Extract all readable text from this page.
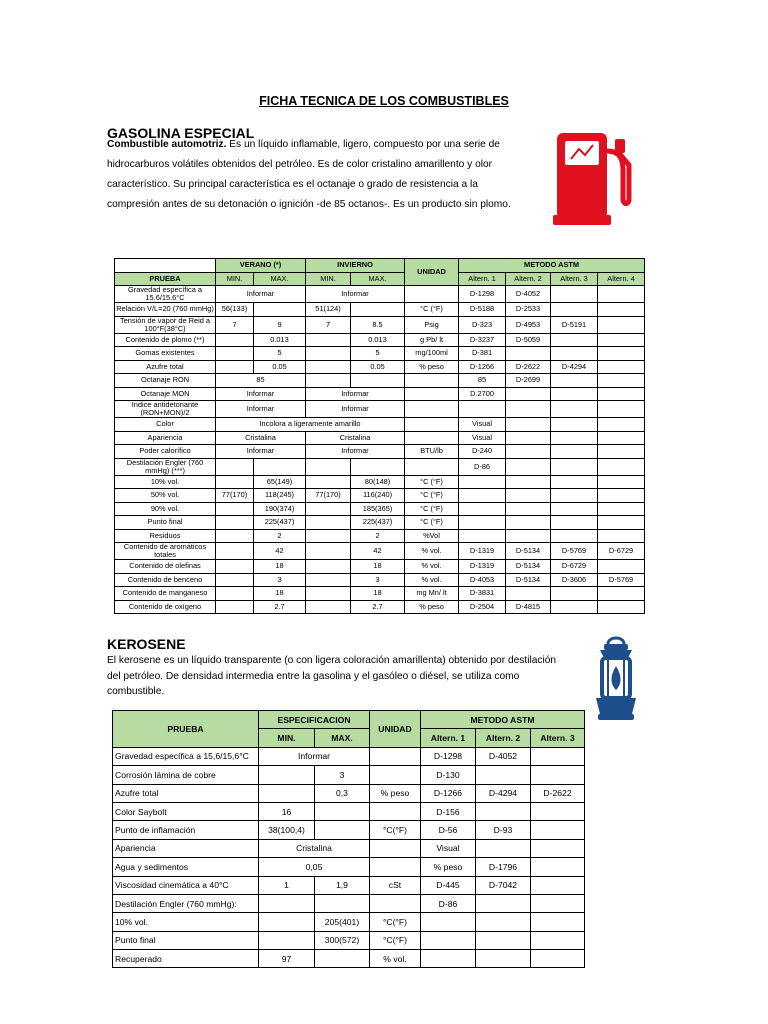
FICHA TECNICA DE LOS COMBUSTIBLES
GASOLINA ESPECIAL
Combustible automotriz. Es un líquido inflamable, ligero, compuesto por una serie de
hidrocarburos volátiles obtenidos del petróleo. Es de color cristalino amarillento y olor
característico. Su principal característica es el octanaje o grado de resistencia a la
compresión antes de su detonación o ignición -de 85 octanos-. Es un producto sin plomo.
	VERANO (*)		INVIERNO		UNIDAD	METODO ASTM			
PRUEBA	MIN.	MAX.	MIN.	MAX.		Altern. 1	Altern. 2	Altern. 3	Altern. 4
Gravedad específica a 15.6/15.6°C	Informar		Informar			D-1298	D-4052		
Relación V/L=20 (760 mmHg)	56(133)		51(124)		°C (°F)	D-5188	D-2533		
Tensión de vapor de Reid a 100°F(38°C)	7	9	7	8.5	Psig	D-323	D-4953	D-5191	
Contenido de plomo (**)		0.013		0.013	g Pb/ lt	D-3237	D-5059		
Gomas existentes		5		5	mg/100ml	D-381			
Azufre total		0.05		0.05	% peso	D-1266	D-2622	D-4294	
Octanaje RON	85					85	D-2699		
Octanaje MON	Informar		Informar			D.2700			
Indice antidetonante (RON+MON)/2	Informar		Informar						
Color	Incolora a ligeramente amarillo					Visual			
Apariencia	Cristalina		Cristalina			Visual			
Poder calorífico	Informar		Informar		BTU/lb	D-240			
Destilación Engler (760 mmHg) (***)						D-86			
10% vol.		65(149)		80(148)	°C (°F)				
50% vol.	77(170)	118(245)	77(170)	116(240)	°C (°F)				
90% vol.		190(374)		185(365)	°C (°F)				
Punto final		225(437)		225(437)	°C (°F)				
Residuos		2		2	%Vol				
Contenido de aromáticos totales		42		42	% vol.	D-1319	D-5134	D-5769	D-6729
Contenido de olefinas		18		18	% vol.	D-1319	D-5134	D-6729	
Contenido de benceno		3		3	% vol.	D-4053	D-5134	D-3606	D-5769
Contenido de manganeso		18		18	mg Mn/ lt	D-3831			
Contenido de oxígeno		2.7		2.7	% peso	D-2504	D-4815		
KEROSENE
El kerosene es un líquido transparente (o con ligera coloración amarillenta) obtenido por destilación
del petróleo. De densidad intermedia entre la gasolina y el gasóleo o diésel, se utiliza como
combustible.
PRUEBA	ESPECIFICACION		UNIDAD	METODO ASTM		
	MIN.	MAX.		Altern. 1	Altern. 2	Altern. 3
Gravedad específica a 15,6/15,6°C	Informar			D-1298	D-4052	
Corrosión lámina de cobre		3		D-130		
Azufre total		0,3	% peso	D-1266	D-4294	D-2622
Color Saybolt	16			D-156		
Punto de inflamación	38(100,4)		°C(°F)	D-56	D-93	
Apariencia	Cristalina			Visual		
Agua y sedimentos	0,05			% peso	D-1796	
Viscosidad cinemática a 40°C	1	1,9	cSt	D-445	D-7042	
Destilación Engler (760 mmHg):				D-86		
10% vol.		205(401)	°C(°F)			
Punto final		300(572)	°C(°F)			
Recuperado	97		% vol.			
